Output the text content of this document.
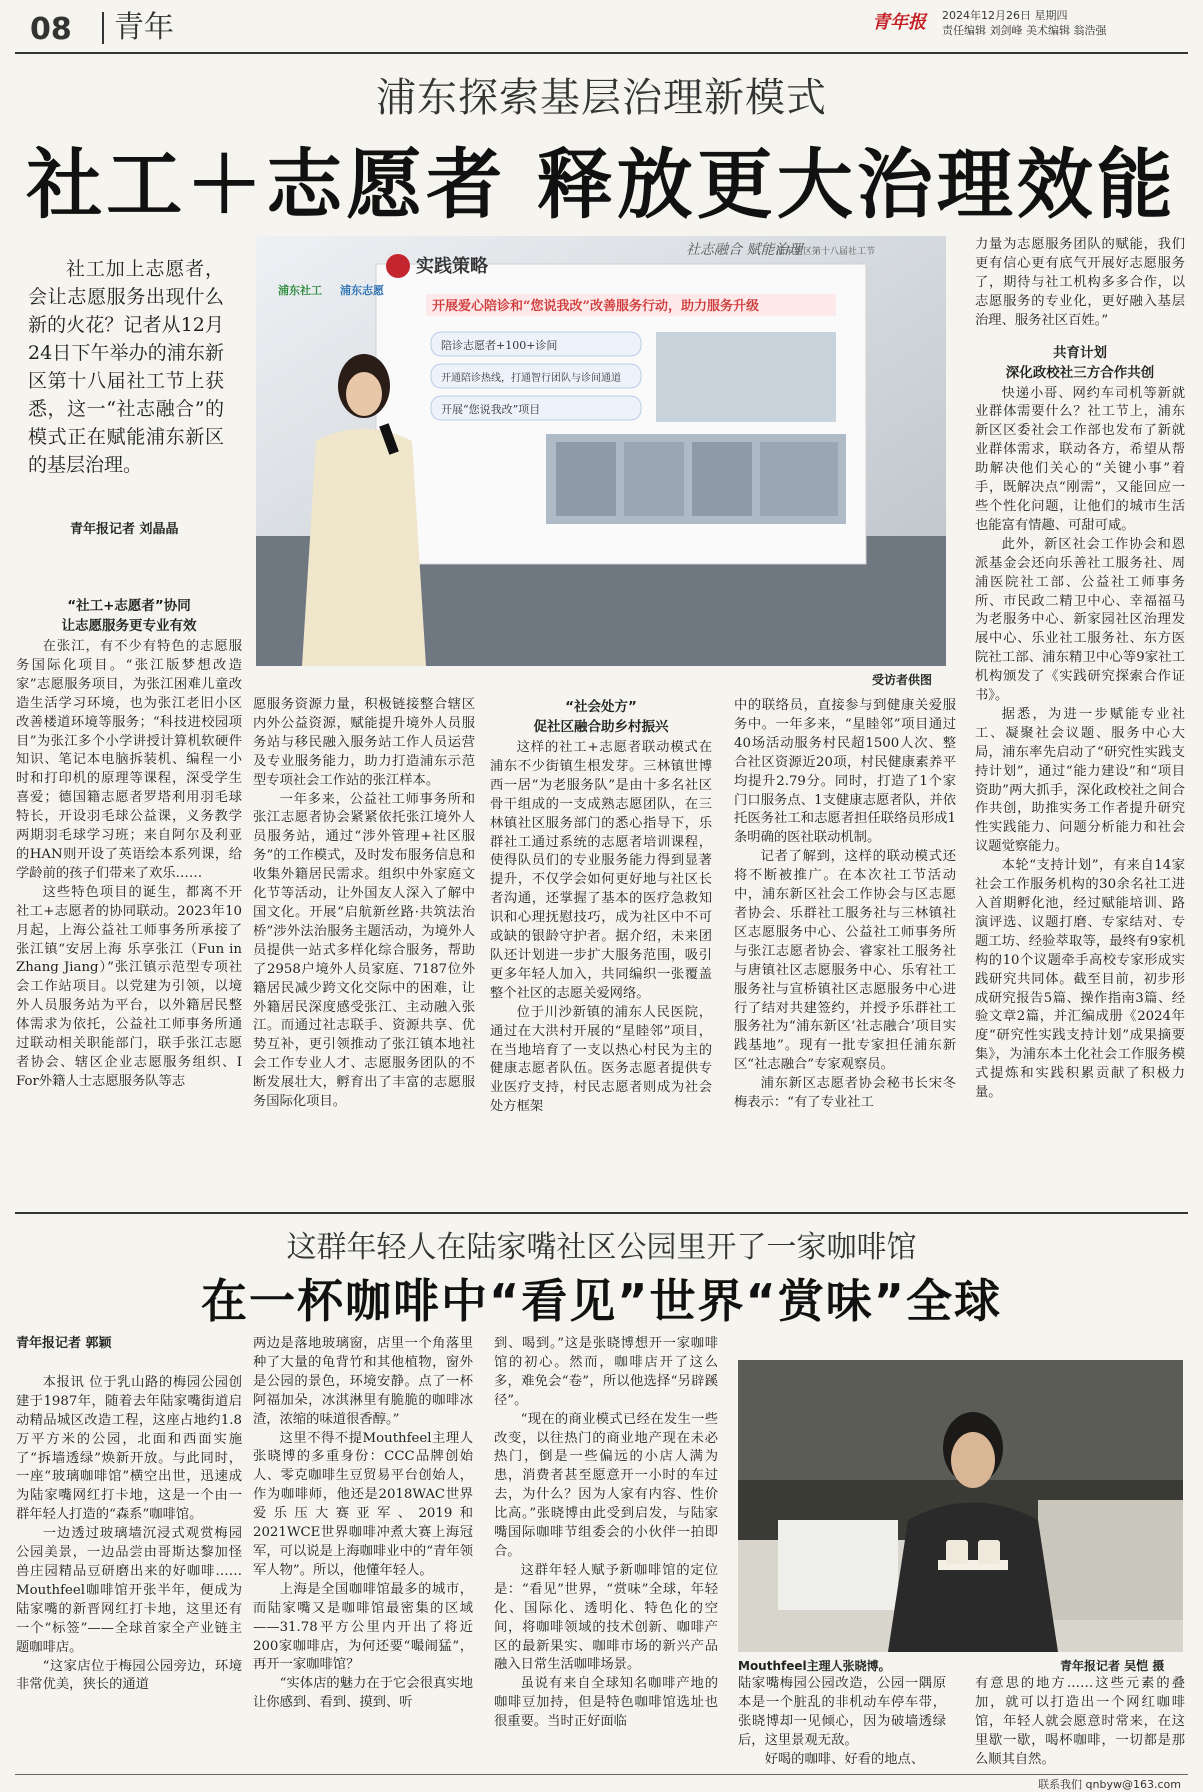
08	青年	青年报 2024年12月26日 星期四
责任编辑 刘剑峰 美术编辑 翁浩强
浦东探索基层治理新模式
社工＋志愿者 释放更大治理效能
社工加上志愿者，会让志愿服务出现什么新的火花？记者从12月24日下午举办的浦东新区第十八届社工节上获悉，这一“社志融合”的模式正在赋能浦东新区的基层治理。
青年报记者 刘晶晶
实践策略
开展爱心陪诊和“您说我改”改善服务行动，助力服务升级
陪诊志愿者+100+诊间
开通陪诊热线，打通智行团队与诊间通道
开展“您说我改”项目
浦东社工 浦东志愿
社志融合 赋能治理
浦东新区第十八届社工节
受访者供图
“社工+志愿者”协同
让志愿服务更专业有效

在张江，有不少有特色的志愿服务国际化项目。“张江版梦想改造家”志愿服务项目，为张江困难儿童改造生活学习环境，也为张江老旧小区改善楼道环境等服务；“科技进校园项目”为张江多个小学讲授计算机软硬件知识、笔记本电脑拆装机、编程一小时和打印机的原理等课程，深受学生喜爱；德国籍志愿者罗塔利用羽毛球特长，开设羽毛球公益课，义务教学两期羽毛球学习班；来自阿尔及利亚的HAN则开设了英语绘本系列课，给学龄前的孩子们带来了欢乐……

这些特色项目的诞生，都离不开社工+志愿者的协同联动。2023年10月起，上海公益社工师事务所承接了张江镇“安居上海 乐享张江（Fun in Zhang Jiang）”张江镇示范型专项社会工作站项目。以党建为引领，以境外人员服务站为平台，以外籍居民整体需求为依托，公益社工师事务所通过联动相关职能部门，联手张江志愿者协会、辖区企业志愿服务组织、I For外籍人士志愿服务队等志

愿服务资源力量，积极链接整合辖区内外公益资源，赋能提升境外人员服务站与移民融入服务站工作人员运营及专业服务能力，助力打造浦东示范型专项社会工作站的张江样本。

一年多来，公益社工师事务所和张江志愿者协会紧紧依托张江境外人员服务站，通过“涉外管理+社区服务”的工作模式，及时发布服务信息和收集外籍居民需求。组织中外家庭文化节等活动，让外国友人深入了解中国文化。开展“启航新丝路·共筑法治桥”涉外法治服务主题活动，为境外人员提供一站式多样化综合服务，帮助了2958户境外人员家庭、7187位外籍居民减少跨文化交际中的困难，让外籍居民深度感受张江、主动融入张江。而通过社志联手、资源共享、优势互补，更引领推动了张江镇本地社会工作专业人才、志愿服务团队的不断发展壮大，孵育出了丰富的志愿服务国际化项目。

“社会处方”
促社区融合助乡村振兴

这样的社工+志愿者联动模式在浦东不少街镇生根发芽。三林镇世博西一居“为老服务队”是由十多名社区骨干组成的一支成熟志愿团队，在三林镇社区服务部门的悉心指导下，乐群社工通过系统的志愿者培训课程，使得队员们的专业服务能力得到显著提升，不仅学会如何更好地与社区长者沟通，还掌握了基本的医疗急救知识和心理抚慰技巧，成为社区中不可或缺的银龄守护者。据介绍，未来团队还计划进一步扩大服务范围，吸引更多年轻人加入，共同编织一张覆盖整个社区的志愿关爱网络。

位于川沙新镇的浦东人民医院，通过在大洪村开展的“星睦邻”项目，在当地培育了一支以热心村民为主的健康志愿者队伍。医务志愿者提供专业医疗支持，村民志愿者则成为社会处方框架

中的联络员，直接参与到健康关爱服务中。一年多来，“星睦邻”项目通过40场活动服务村民超1500人次、整合社区资源近20项，村民健康素养平均提升2.79分。同时，打造了1个家门口服务点、1支健康志愿者队，并依托医务社工和志愿者担任联络员形成1条明确的医社联动机制。

记者了解到，这样的联动模式还将不断被推广。在本次社工节活动中，浦东新区社会工作协会与区志愿者协会、乐群社工服务社与三林镇社区志愿服务中心、公益社工师事务所与张江志愿者协会、睿家社工服务社与唐镇社区志愿服务中心、乐宥社工服务社与宣桥镇社区志愿服务中心进行了结对共建签约，并授予乐群社工服务社为“浦东新区‘社志融合’项目实践基地”。现有一批专家担任浦东新区“社志融合”专家观察员。

浦东新区志愿者协会秘书长宋冬梅表示：“有了专业社工

力量为志愿服务团队的赋能，我们更有信心更有底气开展好志愿服务了，期待与社工机构多多合作，以志愿服务的专业化，更好融入基层治理、服务社区百姓。”

共育计划
深化政校社三方合作共创

快递小哥、网约车司机等新就业群体需要什么？社工节上，浦东新区区委社会工作部也发布了新就业群体需求，联动各方，希望从帮助解决他们关心的“关键小事”着手，既解决点“刚需”，又能回应一些个性化问题，让他们的城市生活也能富有情趣、可甜可咸。

此外，新区社会工作协会和恩派基金会还向乐善社工服务社、周浦医院社工部、公益社工师事务所、市民政二精卫中心、幸福福马为老服务中心、新家园社区治理发展中心、乐业社工服务社、东方医院社工部、浦东精卫中心等9家社工机构颁发了《实践研究探索合作证书》。

据悉，为进一步赋能专业社工、凝聚社会议题、服务中心大局，浦东率先启动了“研究性实践支持计划”，通过“能力建设”和“项目资助”两大抓手，深化政校社之间合作共创，助推实务工作者提升研究性实践能力、问题分析能力和社会议题觉察能力。

本轮“支持计划”，有来自14家社会工作服务机构的30余名社工进入首期孵化池，经过赋能培训、路演评选、议题打磨、专家结对、专题工坊、经验萃取等，最终有9家机构的10个议题牵手高校专家形成实践研究共同体。截至目前，初步形成研究报告5篇、操作指南3篇、经验文章2篇，并汇编成册《2024年度“研究性实践支持计划”成果摘要集》，为浦东本土化社会工作服务模式提炼和实践积累贡献了积极力量。

这群年轻人在陆家嘴社区公园里开了一家咖啡馆
在一杯咖啡中“看见”世界“赏味”全球
Mouthfeel主理人张晓博。	青年报记者 吴恺 摄
青年报记者 郭颖

本报讯 位于乳山路的梅园公园创建于1987年，随着去年陆家嘴街道启动精品城区改造工程，这座占地约1.8万平方米的公园，北面和西面实施了“拆墙透绿”焕新开放。与此同时，一座“玻璃咖啡馆”横空出世，迅速成为陆家嘴网红打卡地，这是一个由一群年轻人打造的“森系”咖啡馆。

一边透过玻璃墙沉浸式观赏梅园公园美景，一边品尝由哥斯达黎加怪兽庄园精品豆研磨出来的好咖啡……Mouthfeel咖啡馆开张半年，便成为陆家嘴的新晋网红打卡地，这里还有一个“标签”——全球首家全产业链主题咖啡店。

“这家店位于梅园公园旁边，环境非常优美，狭长的通道

两边是落地玻璃窗，店里一个角落里种了大量的龟背竹和其他植物，窗外是公园的景色，环境安静。点了一杯阿福加朵，冰淇淋里有脆脆的咖啡冰渣，浓缩的味道很香醇。”

这里不得不提Mouthfeel主理人张晓博的多重身份：CCC品牌创始人、零克咖啡生豆贸易平台创始人，作为咖啡师，他还是2018WAC世界爱乐压大赛亚军、2019和2021WCE世界咖啡冲煮大赛上海冠军，可以说是上海咖啡业中的“青年领军人物”。所以，他懂年轻人。

上海是全国咖啡馆最多的城市，而陆家嘴又是咖啡馆最密集的区域——31.78平方公里内开出了将近200家咖啡店，为何还要“嘬闹猛”，再开一家咖啡馆？

“实体店的魅力在于它会很真实地让你感到、看到、摸到、听

到、喝到。”这是张晓博想开一家咖啡馆的初心。然而，咖啡店开了这么多，难免会“卷”，所以他选择“另辟蹊径”。

“现在的商业模式已经在发生一些改变，以往热门的商业地产现在未必热门，倒是一些偏远的小店人满为患，消费者甚至愿意开一小时的车过去，为什么？因为人家有内容、性价比高。”张晓博由此受到启发，与陆家嘴国际咖啡节组委会的小伙伴一拍即合。

这群年轻人赋予新咖啡馆的定位是：“看见”世界，“赏味”全球，年轻化、国际化、透明化、特色化的空间，将咖啡领域的技术创新、咖啡产区的最新果实、咖啡市场的新兴产品融入日常生活咖啡场景。

虽说有来自全球知名咖啡产地的咖啡豆加持，但是特色咖啡馆选址也很重要。当时正好面临

陆家嘴梅园公园改造，公园一隅原本是一个脏乱的非机动车停车带，张晓博却一见倾心，因为破墙透绿后，这里景观无敌。

好喝的咖啡、好看的地点、

有意思的地方……这些元素的叠加，就可以打造出一个网红咖啡馆，年轻人就会愿意时常来，在这里歇一歇，喝杯咖啡，一切都是那么顺其自然。

联系我们 qnbyw@163.com
